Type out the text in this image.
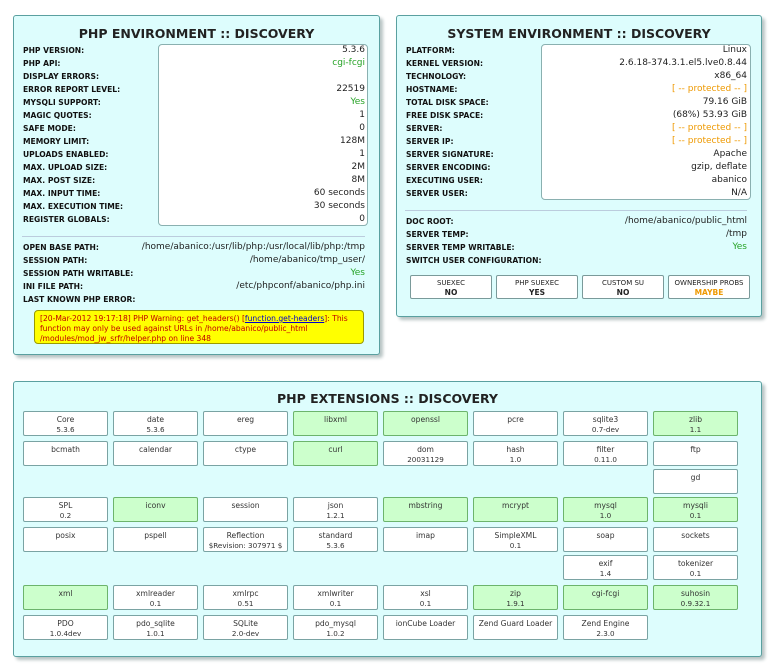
PHP ENVIRONMENT :: DISCOVERY
PHP VERSION:	5.3.6
PHP API:	cgi-fcgi
DISPLAY ERRORS:
ERROR REPORT LEVEL:	22519
MYSQLI SUPPORT:	Yes
MAGIC QUOTES:	1
SAFE MODE:	0
MEMORY LIMIT:	128M
UPLOADS ENABLED:	1
MAX. UPLOAD SIZE:	2M
MAX. POST SIZE:	8M
MAX. INPUT TIME:	60 seconds
MAX. EXECUTION TIME:	30 seconds
REGISTER GLOBALS:	0
OPEN BASE PATH:	/home/abanico:/usr/lib/php:/usr/local/lib/php:/tmp
SESSION PATH:	/home/abanico/tmp_user/
SESSION PATH WRITABLE:	Yes
INI FILE PATH:	/etc/phpconf/abanico/php.ini
LAST KNOWN PHP ERROR:
[20-Mar-2012 19:17:18] PHP Warning: get_headers() [function.get-headers]: This function may only be used against URLs in /home/abanico/public_html /modules/mod_jw_srfr/helper.php on line 348
SYSTEM ENVIRONMENT :: DISCOVERY
PLATFORM:	Linux
KERNEL VERSION:	2.6.18-374.3.1.el5.lve0.8.44
TECHNOLOGY:	x86_64
HOSTNAME:	[ -- protected -- ]
TOTAL DISK SPACE:	79.16 GiB
FREE DISK SPACE:	(68%) 53.93 GiB
SERVER:	[ -- protected -- ]
SERVER IP:	[ -- protected -- ]
SERVER SIGNATURE:	Apache
SERVER ENCODING:	gzip, deflate
EXECUTING USER:	abanico
SERVER USER:	N/A
DOC ROOT:	/home/abanico/public_html
SERVER TEMP:	/tmp
SERVER TEMP WRITABLE:	Yes
SWITCH USER CONFIGURATION:
SUEXEC
NO
PHP SUEXEC
YES
CUSTOM SU
NO
OWNERSHIP PROBS
MAYBE
PHP EXTENSIONS :: DISCOVERY
Core
5.3.6
date
5.3.6
ereg	libxml	openssl	pcre	sqlite3
0.7-dev
zlib
1.1
bcmath	calendar	ctype	curl	dom
20031129
hash
1.0
filter
0.11.0
ftp
gd
SPL
0.2
iconv	session	json
1.2.1
mbstring	mcrypt	mysql
1.0
mysqli
0.1
posix	pspell	Reflection
$Revision: 307971 $
standard
5.3.6
imap	SimpleXML
0.1
soap	sockets
exif
1.4
tokenizer
0.1
xml	xmlreader
0.1
xmlrpc
0.51
xmlwriter
0.1
xsl
0.1
zip
1.9.1
cgi-fcgi	suhosin
0.9.32.1
PDO
1.0.4dev
pdo_sqlite
1.0.1
SQLite
2.0-dev
pdo_mysql
1.0.2
ionCube Loader	Zend Guard Loader	Zend Engine
2.3.0
